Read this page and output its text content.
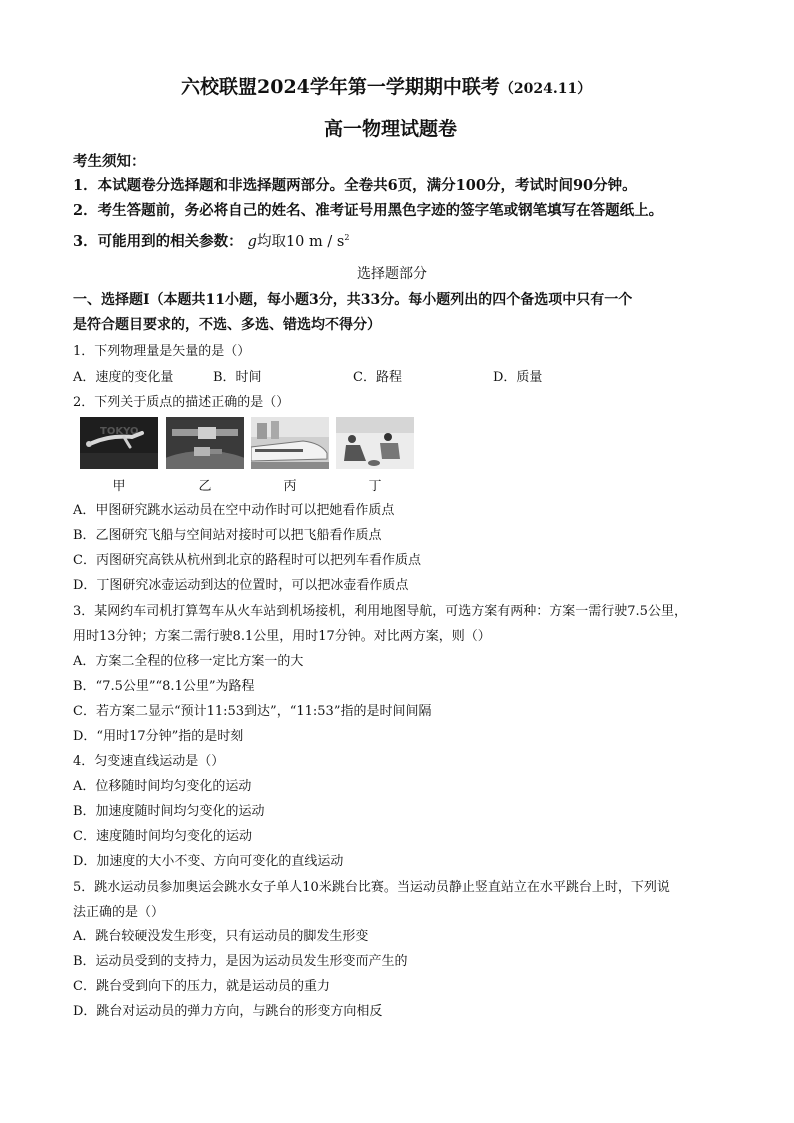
六校联盟2024学年第一学期期中联考（2024.11）
高一物理试题卷
考生须知：
1．本试题卷分选择题和非选择题两部分。全卷共6页，满分100分，考试时间90分钟。
2．考生答题前，务必将自己的姓名、准考证号用黑色字迹的签字笔或钢笔填写在答题纸上。
3．可能用到的相关参数： g均取10 m / $s^2$
选择题部分
一、选择题Ⅰ（本题共11小题，每小题3分，共33分。每小题列出的四个备选项中只有一个
是符合题目要求的，不选、多选、错选均不得分）
1．下列物理量是矢量的是（）
A．速度的变化量	B．时间	C．路程	D．质量
2．下列关于质点的描述正确的是（）
TOKYO
甲	乙	丙	丁
A．甲图研究跳水运动员在空中动作时可以把她看作质点
B．乙图研究飞船与空间站对接时可以把飞船看作质点
C．丙图研究高铁从杭州到北京的路程时可以把列车看作质点
D．丁图研究冰壶运动到达的位置时，可以把冰壶看作质点
3．某网约车司机打算驾车从火车站到机场接机，利用地图导航，可选方案有两种：方案一需行驶7.5公里，
用时13分钟；方案二需行驶8.1公里，用时17分钟。对比两方案，则（）
A．方案二全程的位移一定比方案一的大
B．“7.5公里”“8.1公里”为路程
C．若方案二显示“预计11:53到达”，“11:53”指的是时间间隔
D．“用时17分钟”指的是时刻
4．匀变速直线运动是（）
A．位移随时间均匀变化的运动
B．加速度随时间均匀变化的运动
C．速度随时间均匀变化的运动
D．加速度的大小不变、方向可变化的直线运动
5．跳水运动员参加奥运会跳水女子单人10米跳台比赛。当运动员静止竖直站立在水平跳台上时，下列说
法正确的是（）
A．跳台较硬没发生形变，只有运动员的脚发生形变
B．运动员受到的支持力，是因为运动员发生形变而产生的
C．跳台受到向下的压力，就是运动员的重力
D．跳台对运动员的弹力方向，与跳台的形变方向相反
